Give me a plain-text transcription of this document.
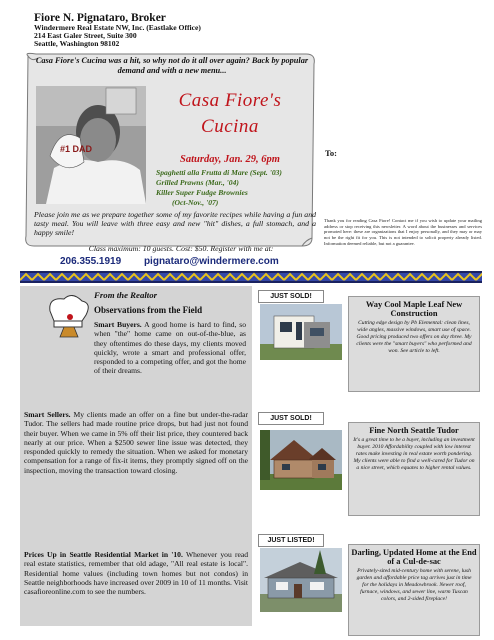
Fiore N. Pignataro, Broker
Windermere Real Estate NW, Inc. (Eastlake Office)
214 East Galer Street, Suite 300
Seattle, Washington 98102
Casa Fiore's Cucina was a hit, so why not do it all over again? Back by popular demand and with a new menu...
#1 DAD
Casa Fiore's Cucina
Saturday, Jan. 29, 6pm
Spaghetti alla Frutta di Mare (Sept. '03)
Grilled Prawns (Mar., '04)
Killer Super Fudge Brownies
(Oct-Nov., '07)
Please join me as we prepare together some of my favorite recipes while having a fun and tasty meal. You will leave with three easy and new "hit" dishes, a full stomach, and a happy smile!
Class maximum: 10 guests. Cost: $50. Register with me at:
206.355.1919 pignataro@windermere.com
To:
Thank you for reading Casa Fiore! Contact me if you wish to update your mailing address or stop receiving this newsletter. A word about the businesses and services promoted here: these are organizations that I enjoy personally, and they may or may not be the right fit for you. This is not intended to solicit property already listed. Information deemed reliable, but not a guarantee.
From the Realtor
Observations from the Field
Smart Buyers. A good home is hard to find, so when "the" home came on out-of-the-blue, as they oftentimes do these days, my clients moved quickly, wrote a smart and professional offer, responded to a competing offer, and got the home of their dreams.
Smart Sellers. My clients made an offer on a fine but under-the-radar Tudor. The sellers had made routine price drops, but had just not found their buyer. When we came in 5% off their list price, they countered back nearly at our price. When a $2500 sewer line issue was detected, they responded quickly to remedy the situation. When we asked for monetary compensation for a range of fix-it items, they promptly signed off on the inspection, moving the transaction toward closing.
Prices Up in Seattle Residential Market in '10. Whenever you read real estate statistics, remember that old adage, "All real estate is local". Residential home values (including town homes but not condos) in Seattle neighborhoods have increased over 2009 in 10 of 11 months. Visit casafioreonline.com to see the numbers.
JUST SOLD!
Way Cool Maple Leaf New Construction
Cutting edge design by Pb Elemental: clean lines, wide angles, massive windows, smart use of space. Good pricing produced two offers on day three. My clients were the "smart buyers" who performed and won. See article to left.
JUST SOLD!
Fine North Seattle Tudor
It's a great time to be a buyer, including an investment buyer. 2010 Affordability coupled with low interest rates make investing in real estate worth pondering. My clients were able to find a well-cared for Tudor on a nice street, which equates to higher rental values.
JUST LISTED!
Darling, Updated Home at the End of a Cul-de-sac
Privately-sited mid-century home with serene, lush garden and affordable price tag arrives just in time for the holidays in Meadowbrook. Newer roof, furnace, windows, and sewer line, warm Tuscan colors, and 2-sided fireplace!
